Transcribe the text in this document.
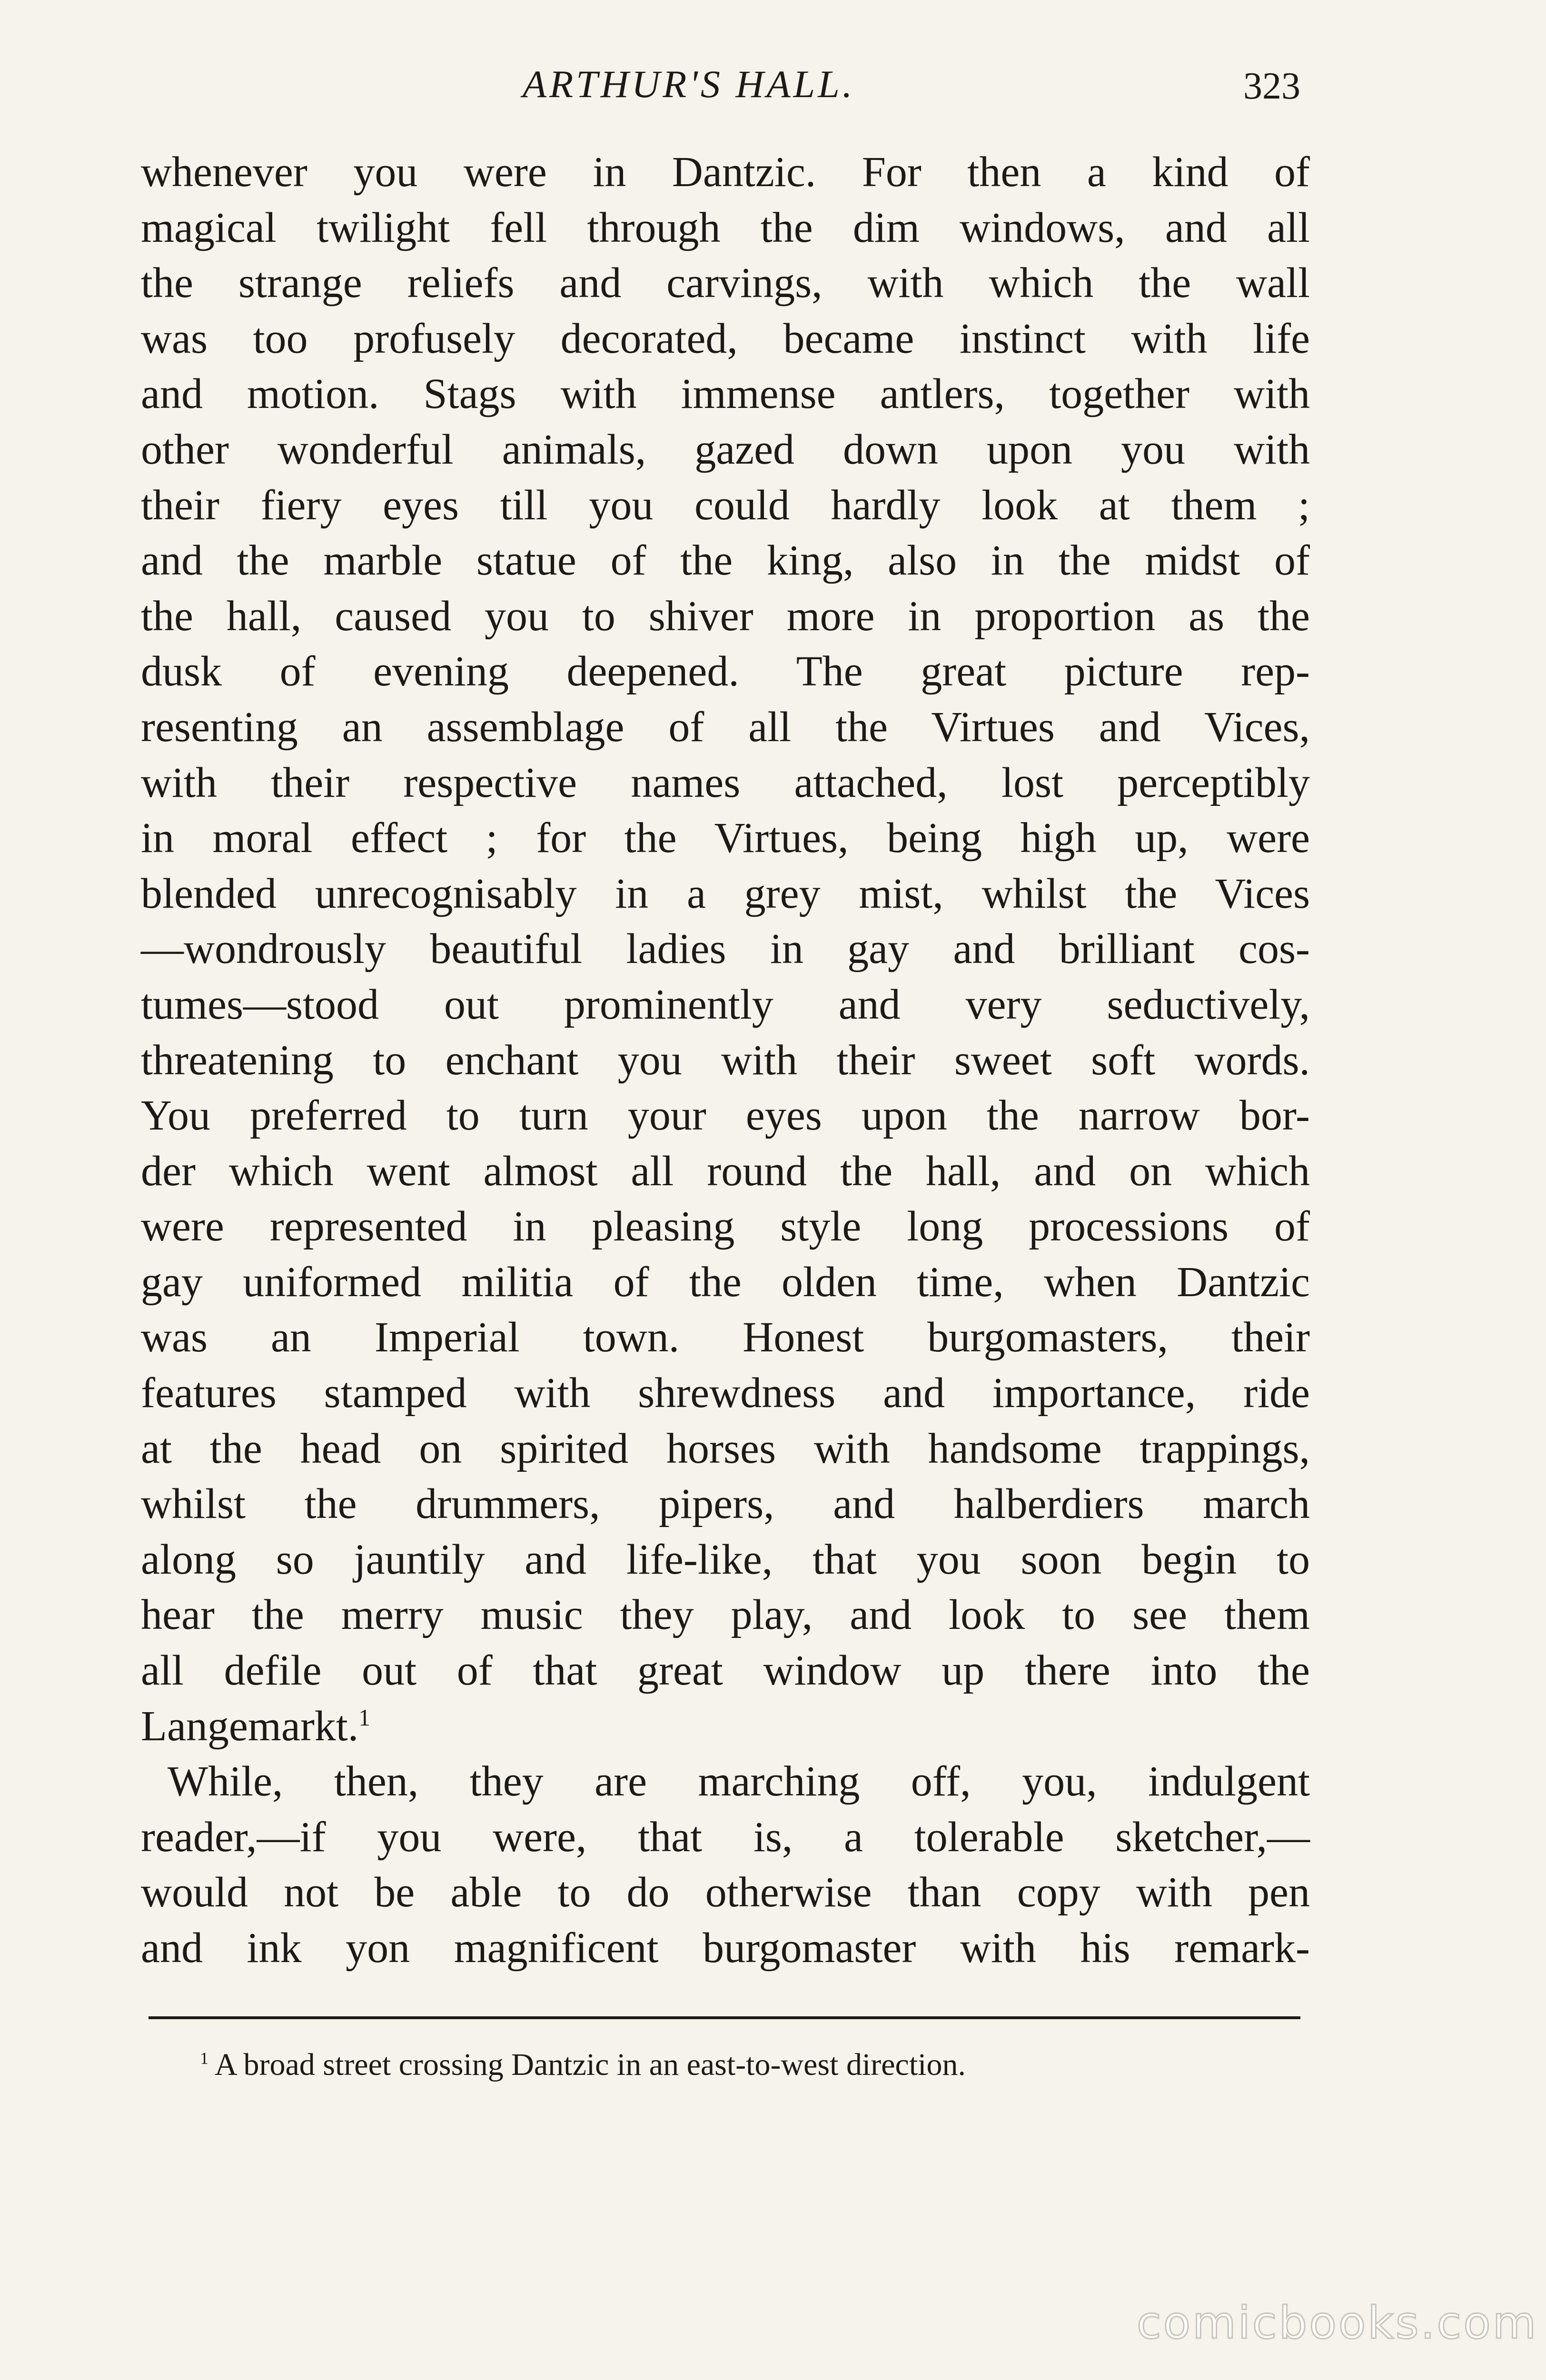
ARTHUR'S HALL.	323
whenever you were in Dantzic. For then a kind of
magical twilight fell through the dim windows, and all
the strange reliefs and carvings, with which the wall
was too profusely decorated, became instinct with life
and motion. Stags with immense antlers, together with
other wonderful animals, gazed down upon you with
their fiery eyes till you could hardly look at them ;
and the marble statue of the king, also in the midst of
the hall, caused you to shiver more in proportion as the
dusk of evening deepened. The great picture rep-
resenting an assemblage of all the Virtues and Vices,
with their respective names attached, lost perceptibly
in moral effect ; for the Virtues, being high up, were
blended unrecognisably in a grey mist, whilst the Vices
—wondrously beautiful ladies in gay and brilliant cos-
tumes—stood out prominently and very seductively,
threatening to enchant you with their sweet soft words.
You preferred to turn your eyes upon the narrow bor-
der which went almost all round the hall, and on which
were represented in pleasing style long processions of
gay uniformed militia of the olden time, when Dantzic
was an Imperial town. Honest burgomasters, their
features stamped with shrewdness and importance, ride
at the head on spirited horses with handsome trappings,
whilst the drummers, pipers, and halberdiers march
along so jauntily and life-like, that you soon begin to
hear the merry music they play, and look to see them
all defile out of that great window up there into the
Langemarkt.$^1$
While, then, they are marching off, you, indulgent
reader,—if you were, that is, a tolerable sketcher,—
would not be able to do otherwise than copy with pen
and ink yon magnificent burgomaster with his remark-
$^1$ A broad street crossing Dantzic in an east-to-west direction.
comicbooks.com
